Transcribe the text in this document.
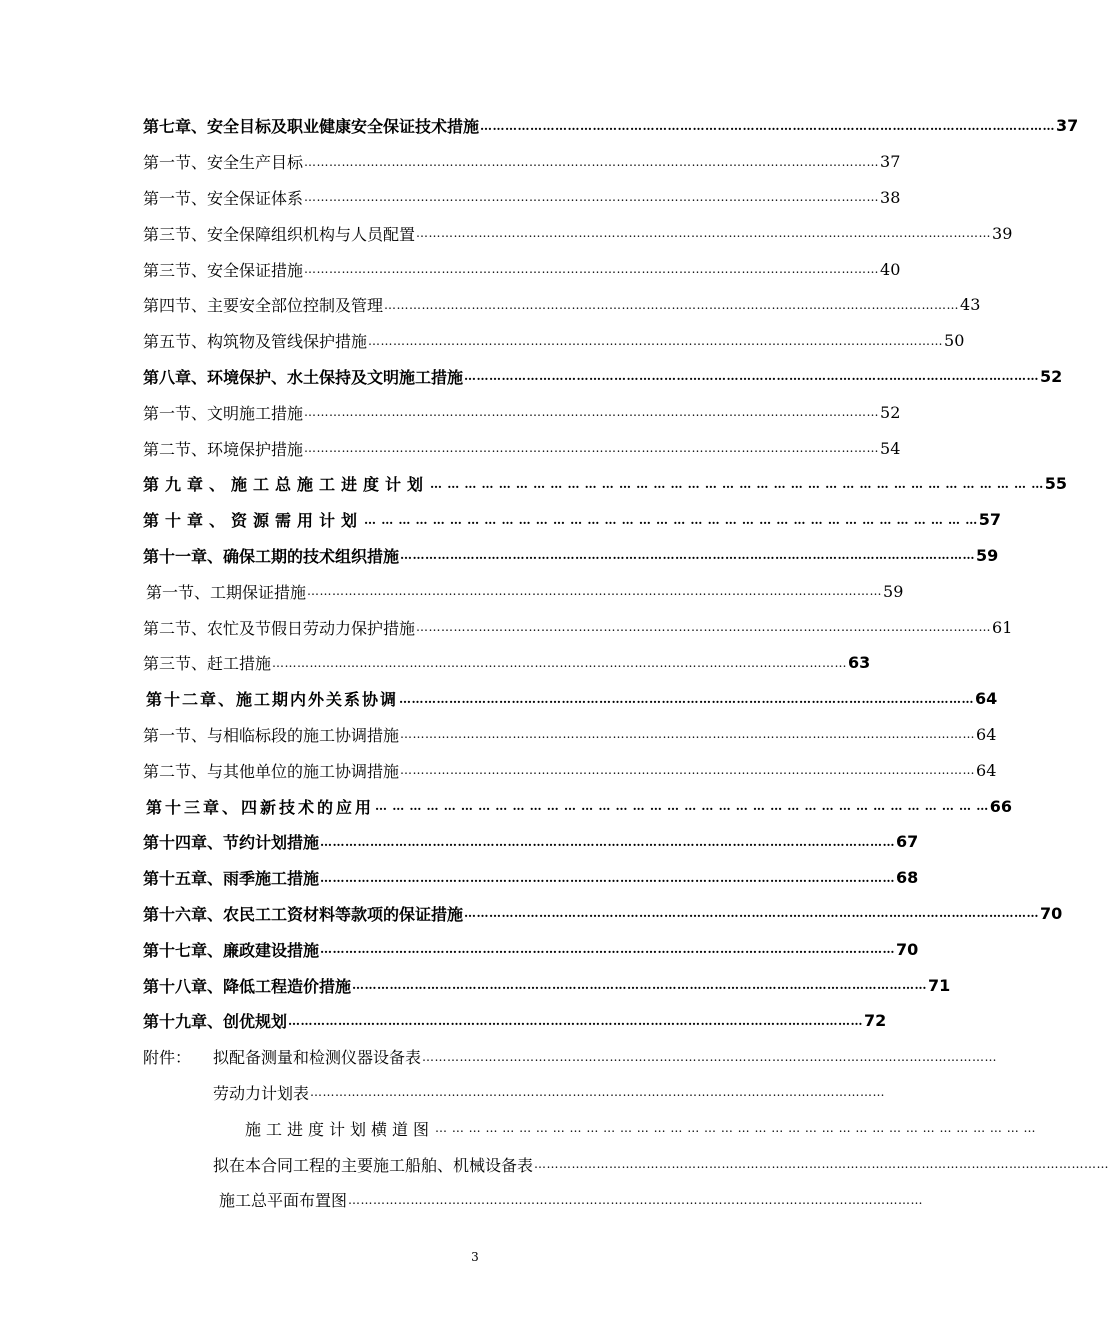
第七章、安全目标及职业健康安全保证技术措施 ………………………………………………………………………………………………………………………… 37
第一节、安全生产目标 ………………………………………………………………………………………………………………………… 37
第一节、安全保证体系 ………………………………………………………………………………………………………………………… 38
第三节、安全保障组织机构与人员配置 ………………………………………………………………………………………………………………………… 39
第三节、安全保证措施 ………………………………………………………………………………………………………………………… 40
第四节、主要安全部位控制及管理 ………………………………………………………………………………………………………………………… 43
第五节、构筑物及管线保护措施 ………………………………………………………………………………………………………………………… 50
第八章、环境保护、水土保持及文明施工措施 ………………………………………………………………………………………………………………………… 52
第一节、文明施工措施 ………………………………………………………………………………………………………………………… 52
第二节、环境保护措施 ………………………………………………………………………………………………………………………… 54
第九章、施工总施工进度计划 … … … … … … … … … … … … … … … … … … … … … … … … … … … … … … … … … … … … 55
第十章、资源需用计划 … … … … … … … … … … … … … … … … … … … … … … … … … … … … … … … … … … … … 57
第十一章、确保工期的技术组织措施 ………………………………………………………………………………………………………………………… 59
第一节、工期保证措施 ………………………………………………………………………………………………………………………… 59
第二节、农忙及节假日劳动力保护措施 ………………………………………………………………………………………………………………………… 61
第三节、赶工措施 ………………………………………………………………………………………………………………………… 63
第十二章、施工期内外关系协调 ………………………………………………………………………………………………………………………… 64
第一节、与相临标段的施工协调措施 ………………………………………………………………………………………………………………………… 64
第二节、与其他单位的施工协调措施 ………………………………………………………………………………………………………………………… 64
第十三章、四新技术的应用 … … … … … … … … … … … … … … … … … … … … … … … … … … … … … … … … … … … … 66
第十四章、节约计划措施 ………………………………………………………………………………………………………………………… 67
第十五章、雨季施工措施 ………………………………………………………………………………………………………………………… 68
第十六章、农民工工资材料等款项的保证措施 ………………………………………………………………………………………………………………………… 70
第十七章、廉政建设措施 ………………………………………………………………………………………………………………………… 70
第十八章、降低工程造价措施 ………………………………………………………………………………………………………………………… 71
第十九章、创优规划 ………………………………………………………………………………………………………………………… 72
附件：	拟配备测量和检测仪器设备表 …………………………………………………………………………………………………………………………
劳动力计划表 …………………………………………………………………………………………………………………………
施工进度计划横道图 … … … … … … … … … … … … … … … … … … … … … … … … … … … … … … … … … … … …
拟在本合同工程的主要施工船舶、机械设备表 …………………………………………………………………………………………………………………………
施工总平面布置图 …………………………………………………………………………………………………………………………
3
